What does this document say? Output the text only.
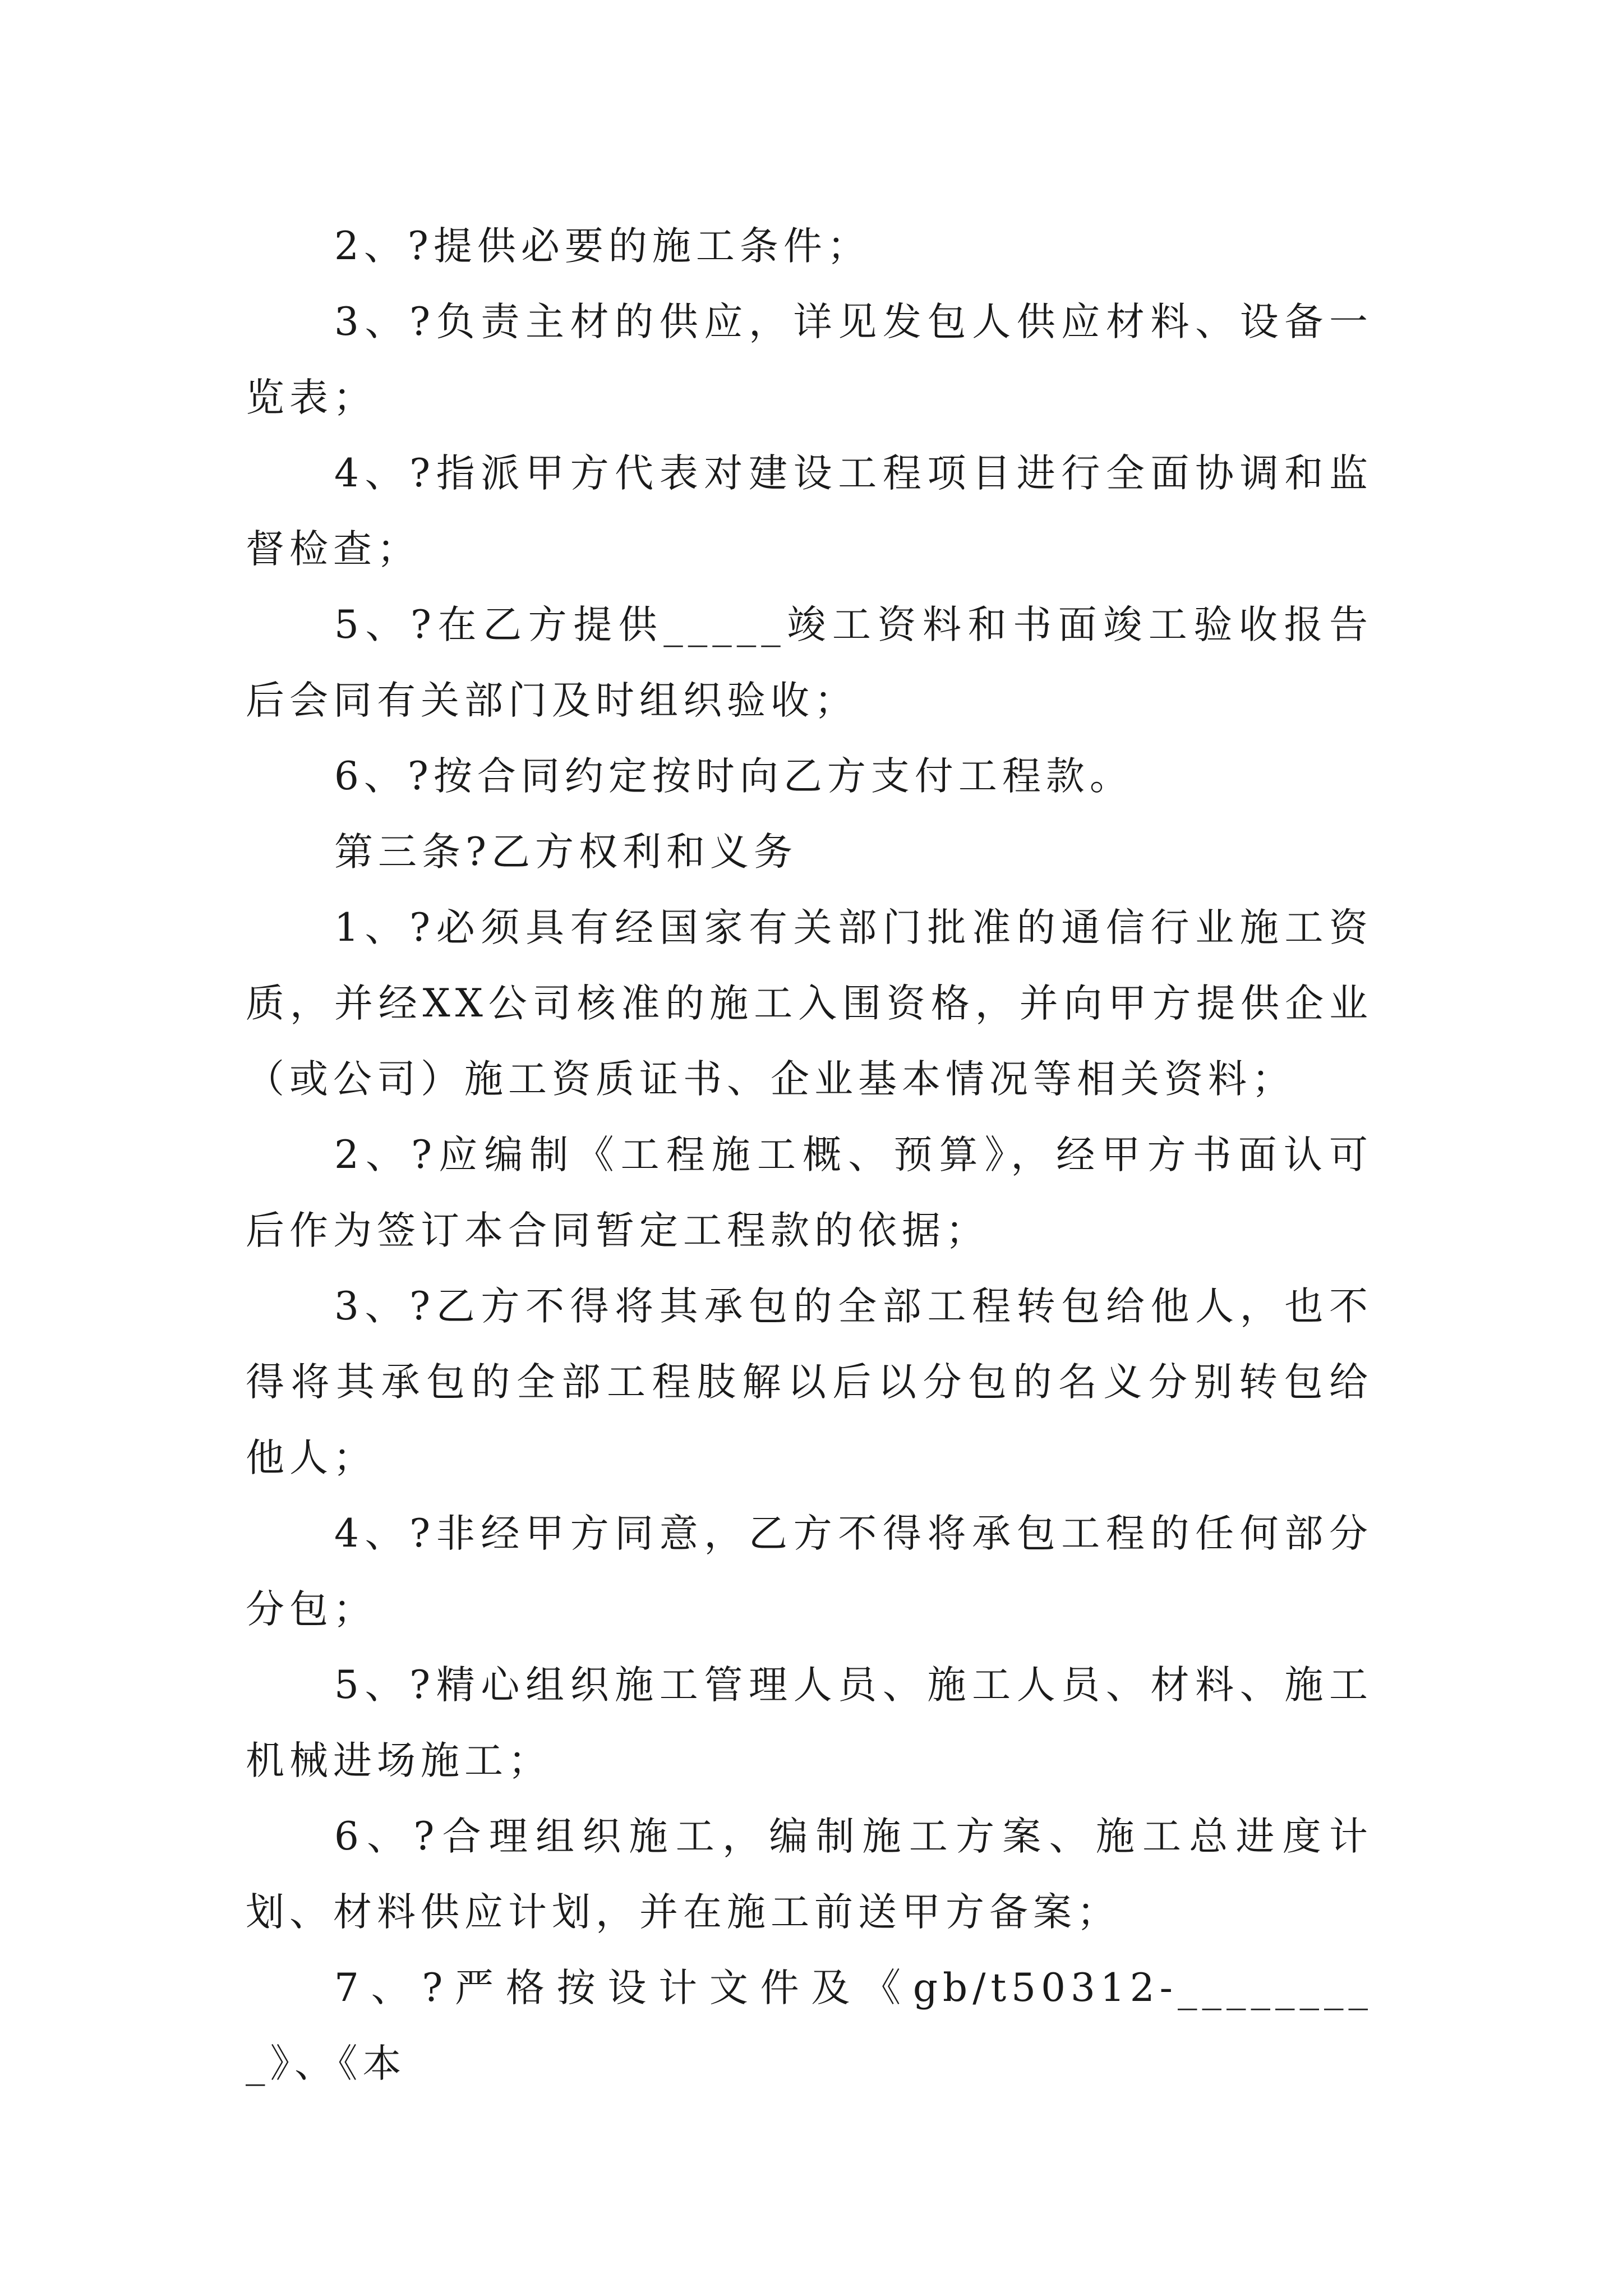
2、?提供必要的施工条件；

3、?负责主材的供应，详见发包人供应材料、设备一览表；

4、?指派甲方代表对建设工程项目进行全面协调和监督检查；

5、?在乙方提供_____竣工资料和书面竣工验收报告后会同有关部门及时组织验收；

6、?按合同约定按时向乙方支付工程款。

第三条?乙方权利和义务

1、?必须具有经国家有关部门批准的通信行业施工资质，并经XX公司核准的施工入围资格，并向甲方提供企业（或公司）施工资质证书、企业基本情况等相关资料；

2、?应编制《工程施工概、预算》，经甲方书面认可后作为签订本合同暂定工程款的依据；

3、?乙方不得将其承包的全部工程转包给他人，也不得将其承包的全部工程肢解以后以分包的名义分别转包给他人；

4、?非经甲方同意，乙方不得将承包工程的任何部分分包；

5、?精心组织施工管理人员、施工人员、材料、施工机械进场施工；

6、?合理组织施工，编制施工方案、施工总进度计划、材料供应计划，并在施工前送甲方备案；

7、?严格按设计文件及《gb/t50312-_________》、《本
